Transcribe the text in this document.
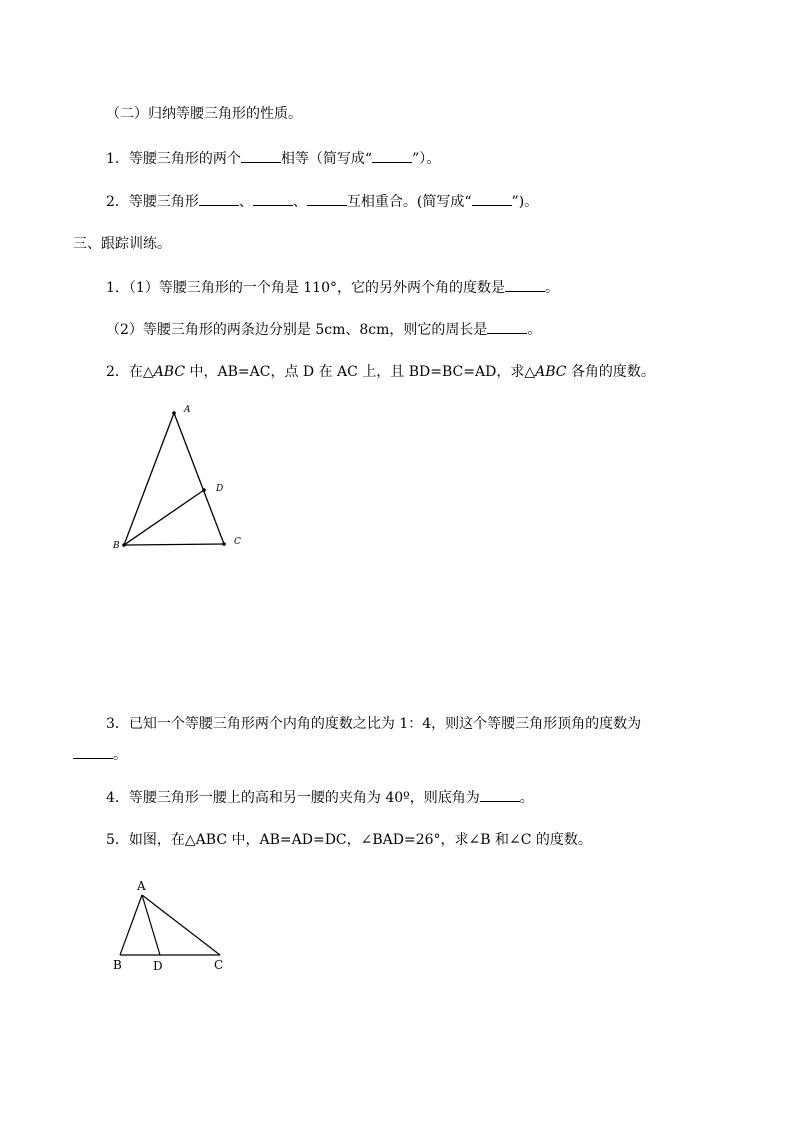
（二）归纳等腰三角形的性质。
1．等腰三角形的两个	相等（简写成“	”）。
2．等腰三角形	、	、	互相重合。(简写成“	”)。
三、跟踪训练。
1．（1）等腰三角形的一个角是 110°，它的另外两个角的度数是	。
（2）等腰三角形的两条边分别是 5cm、8cm，则它的周长是	。
2．在△ABC 中，AB=AC，点 D 在 AC 上，且 BD=BC=AD，求△ABC 各角的度数。
A
D
B	C
3．已知一个等腰三角形两个内角的度数之比为 1：4，则这个等腰三角形顶角的度数为
。
4．等腰三角形一腰上的高和另一腰的夹角为 40º，则底角为	。
5．如图，在△ABC 中，AB=AD=DC，∠BAD=26°，求∠B 和∠C 的度数。
A
B	D	C
